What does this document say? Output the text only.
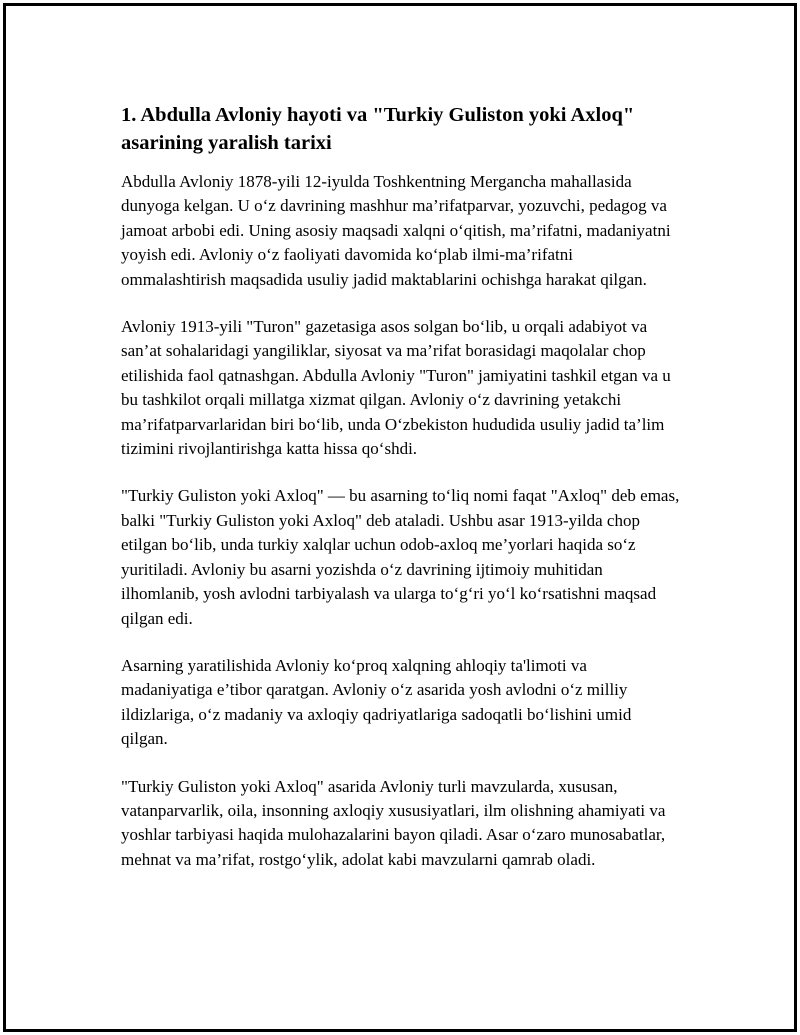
1. Abdulla Avloniy hayoti va "Turkiy Guliston yoki Axloq" asarining yaralish tarixi

Abdulla Avloniy 1878-yili 12-iyulda Toshkentning Merganchа mahallasida dunyoga kelgan. U o‘z davrining mashhur ma’rifatparvar, yozuvchi, pedagog va jamoat arbobi edi. Uning asosiy maqsadi xalqni o‘qitish, ma’rifatni, madaniyatni yoyish edi. Avloniy o‘z faoliyati davomida ko‘plab ilmi-ma’rifatni ommalashtirish maqsadida usuliy jadid maktablarini ochishga harakat qilgan.

Avloniy 1913-yili "Turon" gazetasiga asos solgan bo‘lib, u orqali adabiyot va san’at sohalaridagi yangiliklar, siyosat va ma’rifat borasidagi maqolalar chop etilishida faol qatnashgan. Abdulla Avloniy "Turon" jamiyatini tashkil etgan va u bu tashkilot orqali millatga xizmat qilgan. Avloniy o‘z davrining yetakchi ma’rifatparvarlaridan biri bo‘lib, unda O‘zbekiston hududida usuliy jadid ta’lim tizimini rivojlantirishga katta hissa qo‘shdi.

"Turkiy Guliston yoki Axloq" — bu asarning to‘liq nomi faqat "Axloq" deb emas, balki "Turkiy Guliston yoki Axloq" deb ataladi. Ushbu asar 1913-yilda chop etilgan bo‘lib, unda turkiy xalqlar uchun odob-axloq me’yorlari haqida so‘z yuritiladi. Avloniy bu asarni yozishda o‘z davrining ijtimoiy muhitidan ilhomlanib, yosh avlodni tarbiyalash va ularga to‘g‘ri yo‘l ko‘rsatishni maqsad qilgan edi.

Asarning yaratilishida Avloniy ko‘proq xalqning ahloqiy ta'limoti va madaniyatiga e’tibor qaratgan. Avloniy o‘z asarida yosh avlodni o‘z milliy ildizlariga, o‘z madaniy va axloqiy qadriyatlariga sadoqatli bo‘lishini umid qilgan.

"Turkiy Guliston yoki Axloq" asarida Avloniy turli mavzularda, xususan, vatanparvarlik, oila, insonning axloqiy xususiyatlari, ilm olishning ahamiyati va yoshlar tarbiyasi haqida mulohazalarini bayon qiladi. Asar o‘zaro munosabatlar, mehnat va ma’rifat, rostgo‘ylik, adolat kabi mavzularni qamrab oladi.
